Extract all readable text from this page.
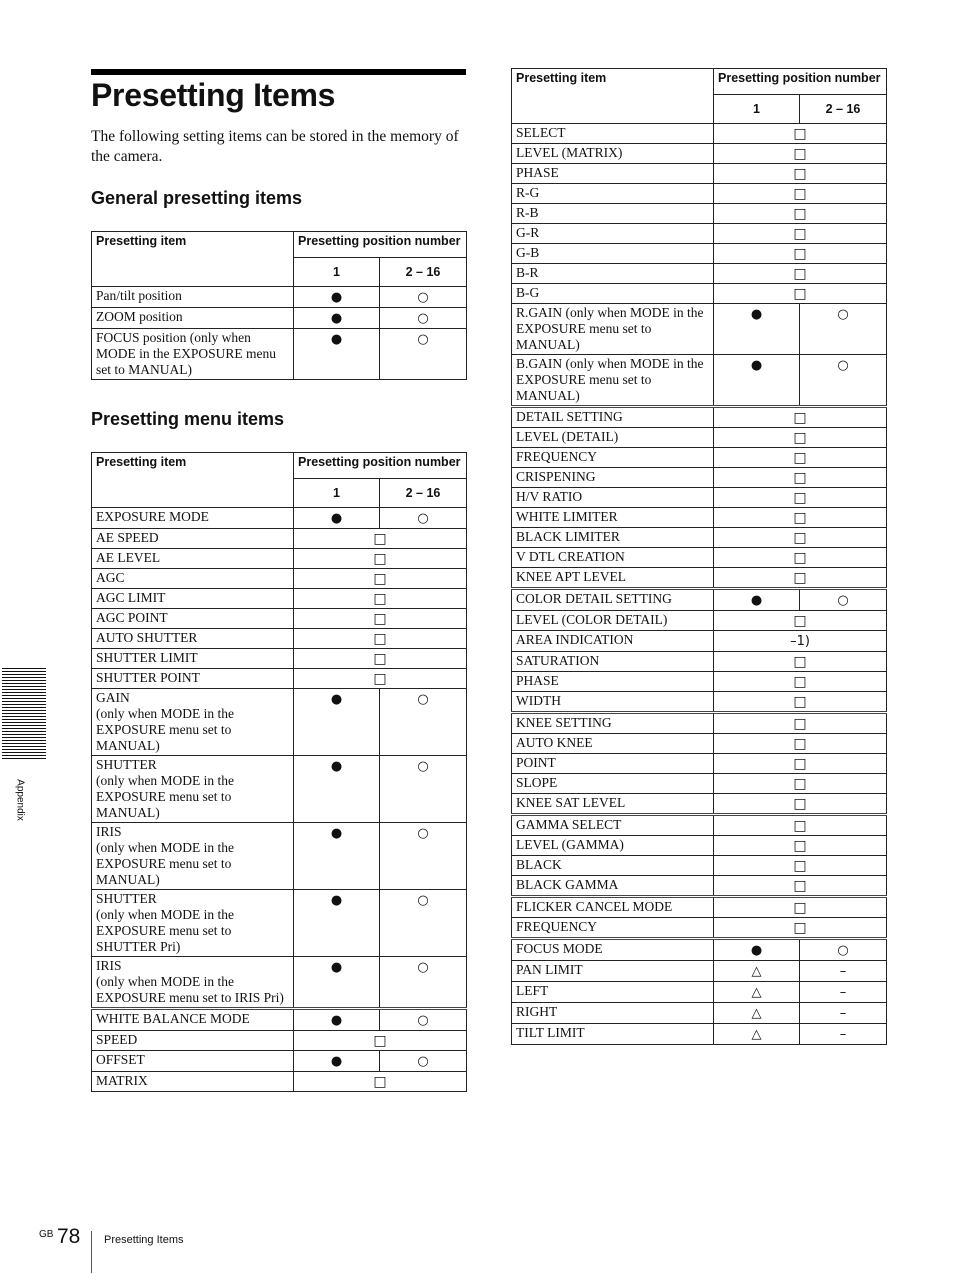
Presetting Items

The following setting items can be stored in the memory of the camera.

General presetting items
Presetting item	Presetting position number	
	1	2 – 16
Pan/tilt position	●	○
ZOOM position	●	○
FOCUS position (only when MODE in the EXPOSURE menu set to MANUAL)	●	○
Presetting menu items
Presetting item	Presetting position number	
	1	2 – 16
EXPOSURE MODE	●	○
AE SPEED	□	
AE LEVEL	□	
AGC	□	
AGC LIMIT	□	
AGC POINT	□	
AUTO SHUTTER	□	
SHUTTER LIMIT	□	
SHUTTER POINT	□	
GAIN
(only when MODE in the EXPOSURE menu set to MANUAL)	●	○
SHUTTER
(only when MODE in the EXPOSURE menu set to MANUAL)	●	○
IRIS
(only when MODE in the EXPOSURE menu set to MANUAL)	●	○
SHUTTER
(only when MODE in the EXPOSURE menu set to SHUTTER Pri)	●	○
IRIS
(only when MODE in the EXPOSURE menu set to IRIS Pri)	●	○
WHITE BALANCE MODE	●	○
SPEED	□	
OFFSET	●	○
MATRIX	□	
Presetting item	Presetting position number	
	1	2 – 16
SELECT	□	
LEVEL (MATRIX)	□	
PHASE	□	
R-G	□	
R-B	□	
G-R	□	
G-B	□	
B-R	□	
B-G	□	
R.GAIN (only when MODE in the EXPOSURE menu set to MANUAL)	●	○
B.GAIN (only when MODE in the EXPOSURE menu set to MANUAL)	●	○
DETAIL SETTING	□	
LEVEL (DETAIL)	□	
FREQUENCY	□	
CRISPENING	□	
H/V RATIO	□	
WHITE LIMITER	□	
BLACK LIMITER	□	
V DTL CREATION	□	
KNEE APT LEVEL	□	
COLOR DETAIL SETTING	●	○
LEVEL (COLOR DETAIL)	□	
AREA INDICATION	–1)	
SATURATION	□	
PHASE	□	
WIDTH	□	
KNEE SETTING	□	
AUTO KNEE	□	
POINT	□	
SLOPE	□	
KNEE SAT LEVEL	□	
GAMMA SELECT	□	
LEVEL (GAMMA)	□	
BLACK	□	
BLACK GAMMA	□	
FLICKER CANCEL MODE	□	
FREQUENCY	□	
FOCUS MODE	●	○
PAN LIMIT	△	–
LEFT	△	–
RIGHT	△	–
TILT LIMIT	△	–
Appendix
GB 78 Presetting Items
